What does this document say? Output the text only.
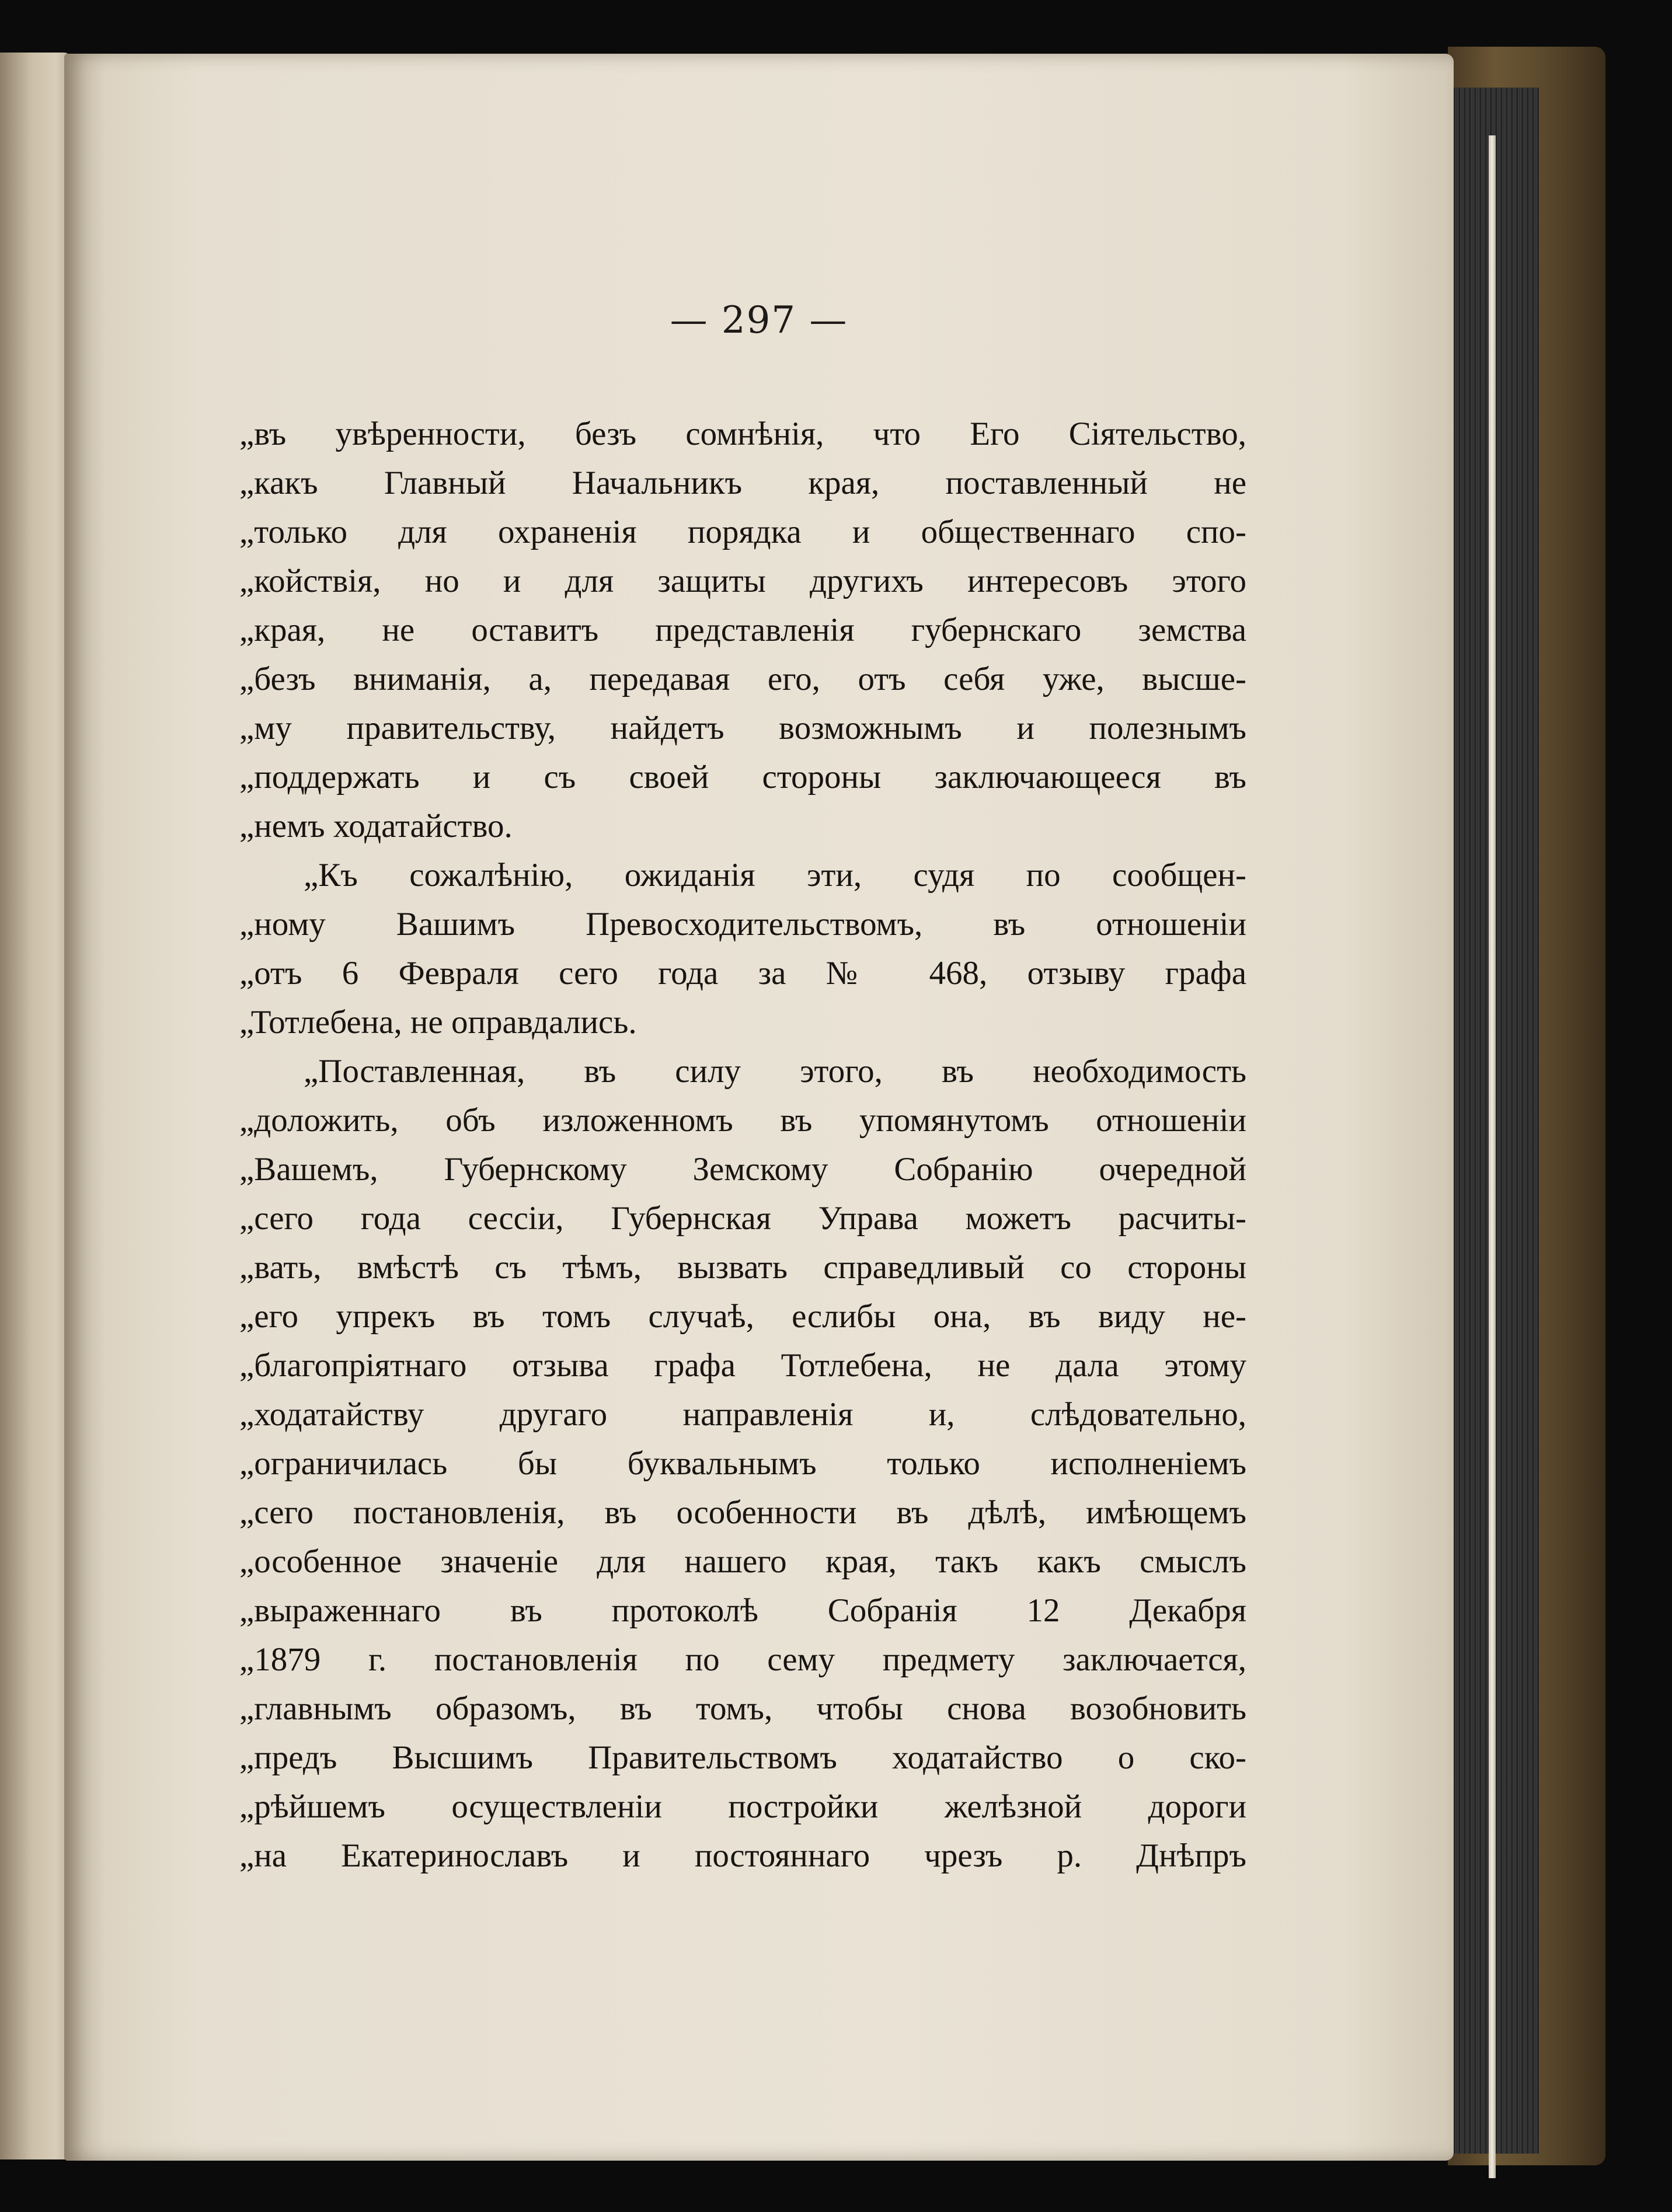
— 297 —
„въ увѣренности, безъ сомнѣнія, что Его Сіятельство,
„какъ Главный Начальникъ края, поставленный не
„только для охраненія порядка и общественнаго спо-
„койствія, но и для защиты другихъ интересовъ этого
„края, не оставитъ представленія губернскаго земства
„безъ вниманія, а, передавая его, отъ себя уже, высше-
„му правительству, найдетъ возможнымъ и полезнымъ
„поддержать и съ своей стороны заключающееся въ
„немъ ходатайство.
„Къ сожалѣнію, ожиданія эти, судя по сообщен-
„ному Вашимъ Превосходительствомъ, въ отношеніи
„отъ 6 Февраля сего года за № 468, отзыву графа
„Тотлебена, не оправдались.
„Поставленная, въ силу этого, въ необходимость
„доложить, объ изложенномъ въ упомянутомъ отношеніи
„Вашемъ, Губернскому Земскому Собранію очередной
„сего года сессіи, Губернская Управа можетъ расчиты-
„вать, вмѣстѣ съ тѣмъ, вызвать справедливый со стороны
„его упрекъ въ томъ случаѣ, еслибы она, въ виду не-
„благопріятнаго отзыва графа Тотлебена, не дала этому
„ходатайству другаго направленія и, слѣдовательно,
„ограничилась бы буквальнымъ только исполненіемъ
„сего постановленія, въ особенности въ дѣлѣ, имѣющемъ
„особенное значеніе для нашего края, такъ какъ смыслъ
„выраженнаго въ протоколѣ Собранія 12 Декабря
„1879 г. постановленія по сему предмету заключается,
„главнымъ образомъ, въ томъ, чтобы снова возобновить
„предъ Высшимъ Правительствомъ ходатайство о ско-
„рѣйшемъ осуществленіи постройки желѣзной дороги
„на Екатеринославъ и постояннаго чрезъ р. Днѣпръ
